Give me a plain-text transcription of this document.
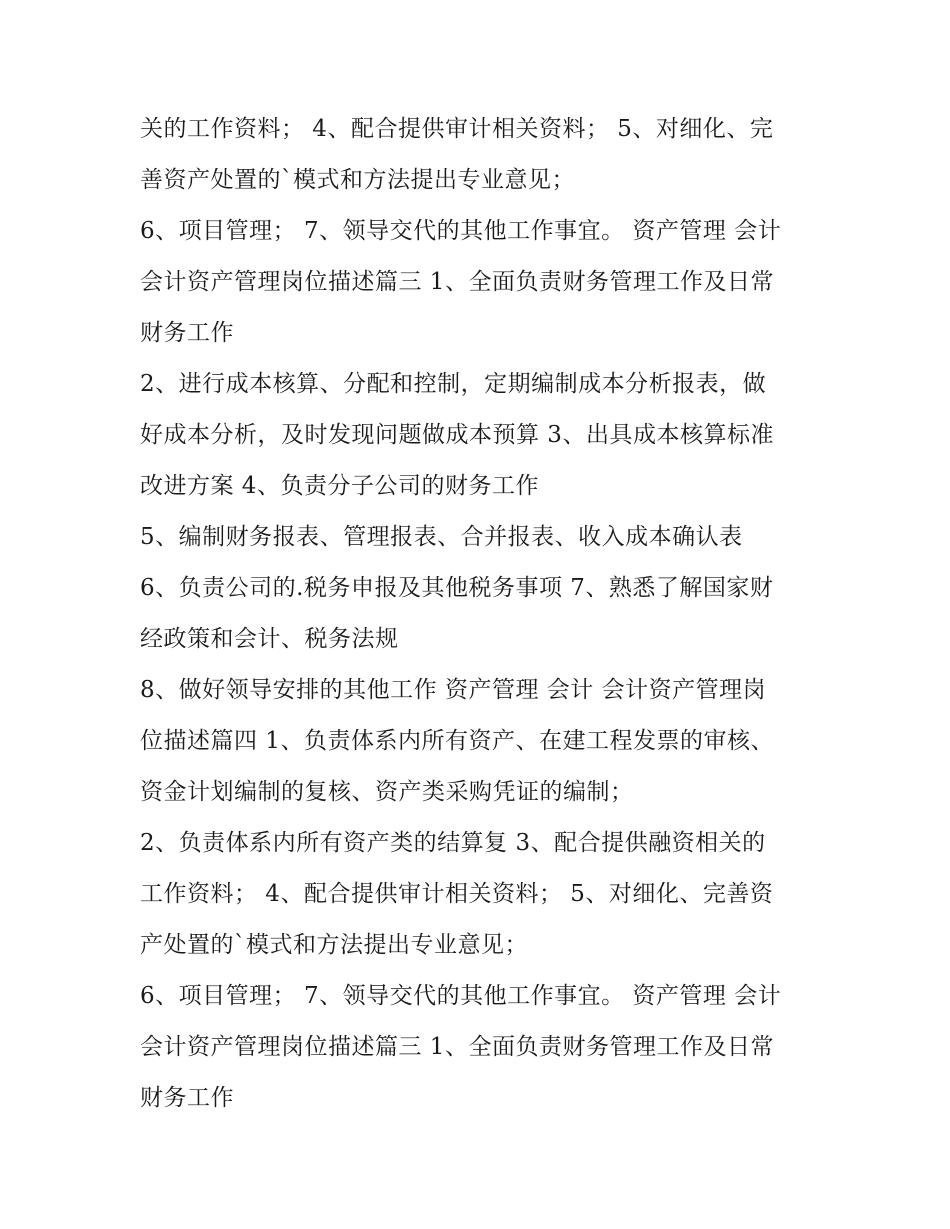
关的工作资料； 4、配合提供审计相关资料； 5、对细化、完
善资产处置的`模式和方法提出专业意见；
6、项目管理； 7、领导交代的其他工作事宜。 资产管理 会计
会计资产管理岗位描述篇三 1、全面负责财务管理工作及日常
财务工作
2、进行成本核算、分配和控制，定期编制成本分析报表，做
好成本分析，及时发现问题做成本预算 3、出具成本核算标准
改进方案 4、负责分子公司的财务工作
5、编制财务报表、管理报表、合并报表、收入成本确认表
6、负责公司的.税务申报及其他税务事项 7、熟悉了解国家财
经政策和会计、税务法规
8、做好领导安排的其他工作 资产管理 会计 会计资产管理岗
位描述篇四 1、负责体系内所有资产、在建工程发票的审核、
资金计划编制的复核、资产类采购凭证的编制；
2、负责体系内所有资产类的结算复 3、配合提供融资相关的
工作资料； 4、配合提供审计相关资料； 5、对细化、完善资
产处置的`模式和方法提出专业意见；
6、项目管理； 7、领导交代的其他工作事宜。 资产管理 会计
会计资产管理岗位描述篇三 1、全面负责财务管理工作及日常
财务工作
